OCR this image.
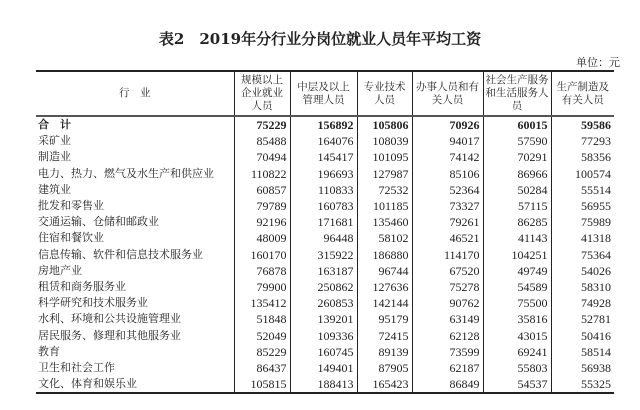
表2　2019年分行业分岗位就业人员年平均工资
单位：元
行　业	规模以上企业就业人员	中层及以上管理人员	专业技术人员	办事人员和有关人员	社会生产服务和生活服务人员	生产制造及有关人员
合　计	75229	156892	105806	70926	60015	59586
采矿业	85488	164076	108039	94017	57590	77293
制造业	70494	145417	101095	74142	70291	58356
电力、热力、燃气及水生产和供应业	110822	196693	127987	85106	86966	100574
建筑业	60857	110833	72532	52364	50284	55514
批发和零售业	79789	160783	101185	73327	57115	56955
交通运输、仓储和邮政业	92196	171681	135460	79261	86285	75989
住宿和餐饮业	48009	96448	58102	46521	41143	41318
信息传输、软件和信息技术服务业	160170	315922	186880	114170	104251	75364
房地产业	76878	163187	96744	67520	49749	54026
租赁和商务服务业	79900	250862	127636	75278	54589	58310
科学研究和技术服务业	135412	260853	142144	90762	75500	74928
水利、环境和公共设施管理业	51848	139201	95179	63149	35816	52781
居民服务、修理和其他服务业	52049	109336	72415	62128	43015	50416
教育	85229	160745	89139	73599	69241	58514
卫生和社会工作	86437	149401	87905	62187	55803	56938
文化、体育和娱乐业	105815	188413	165423	86849	54537	55325
